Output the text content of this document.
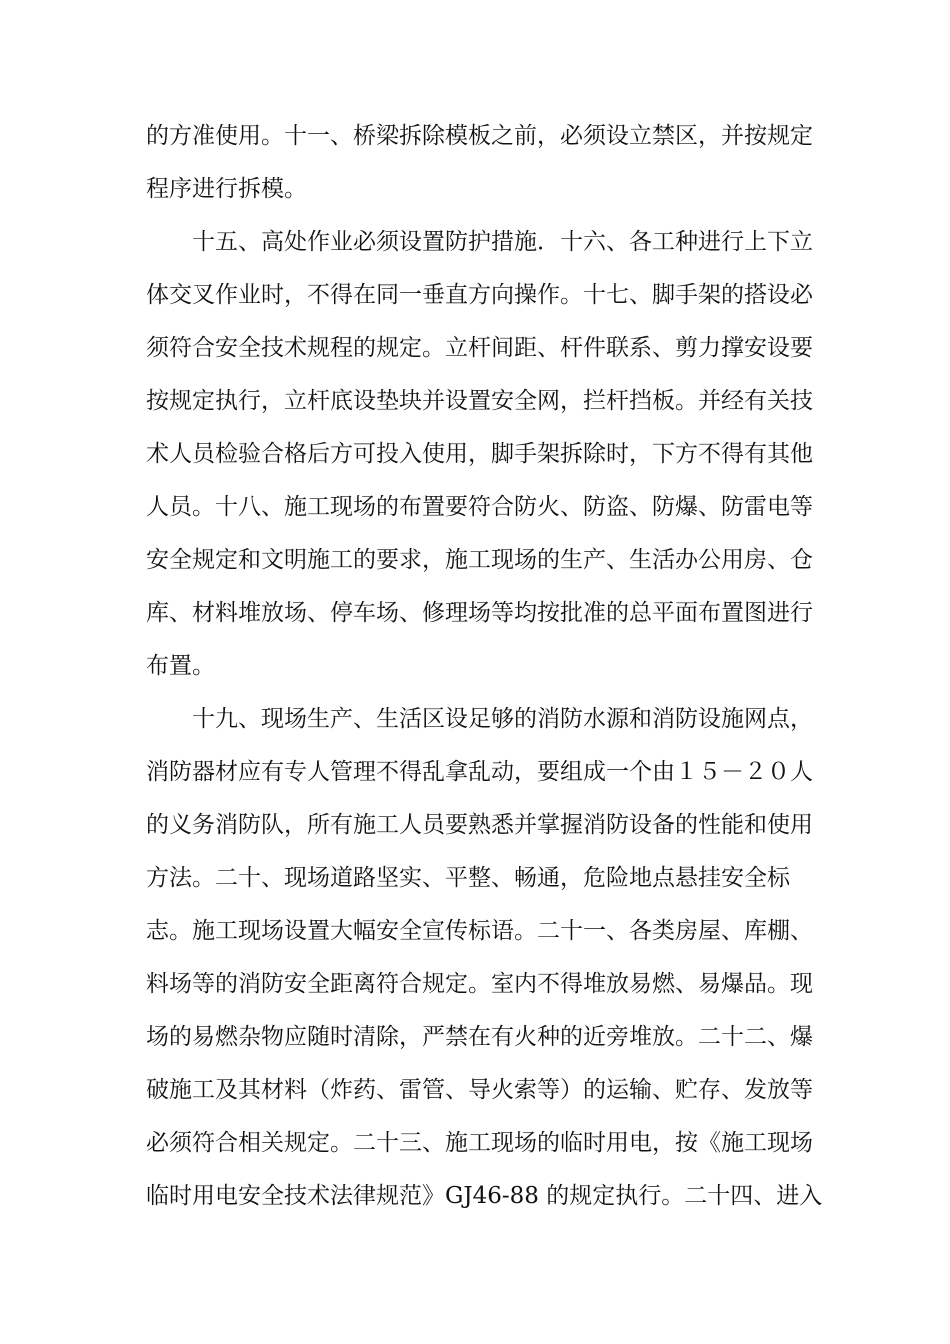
的方准使用。十一、桥梁拆除模板之前，必须设立禁区，并按规定
程序进行拆模。
十五、高处作业必须设置防护措施．十六、各工种进行上下立
体交叉作业时，不得在同一垂直方向操作。十七、脚手架的搭设必
须符合安全技术规程的规定。立杆间距、杆件联系、剪力撑安设要
按规定执行，立杆底设垫块并设置安全网，拦杆挡板。并经有关技
术人员检验合格后方可投入使用，脚手架拆除时，下方不得有其他
人员。十八、施工现场的布置要符合防火、防盗、防爆、防雷电等
安全规定和文明施工的要求，施工现场的生产、生活办公用房、仓
库、材料堆放场、停车场、修理场等均按批准的总平面布置图进行
布置。
十九、现场生产、生活区设足够的消防水源和消防设施网点，
消防器材应有专人管理不得乱拿乱动，要组成一个由１５－２０人
的义务消防队，所有施工人员要熟悉并掌握消防设备的性能和使用
方法。二十、现场道路坚实、平整、畅通，危险地点悬挂安全标
志。施工现场设置大幅安全宣传标语。二十一、各类房屋、库棚、
料场等的消防安全距离符合规定。室内不得堆放易燃、易爆品。现
场的易燃杂物应随时清除，严禁在有火种的近旁堆放。二十二、爆
破施工及其材料（炸药、雷管、导火索等）的运输、贮存、发放等
必须符合相关规定。二十三、施工现场的临时用电，按《施工现场
临时用电安全技术法律规范》GJ46-88 的规定执行。二十四、进入
